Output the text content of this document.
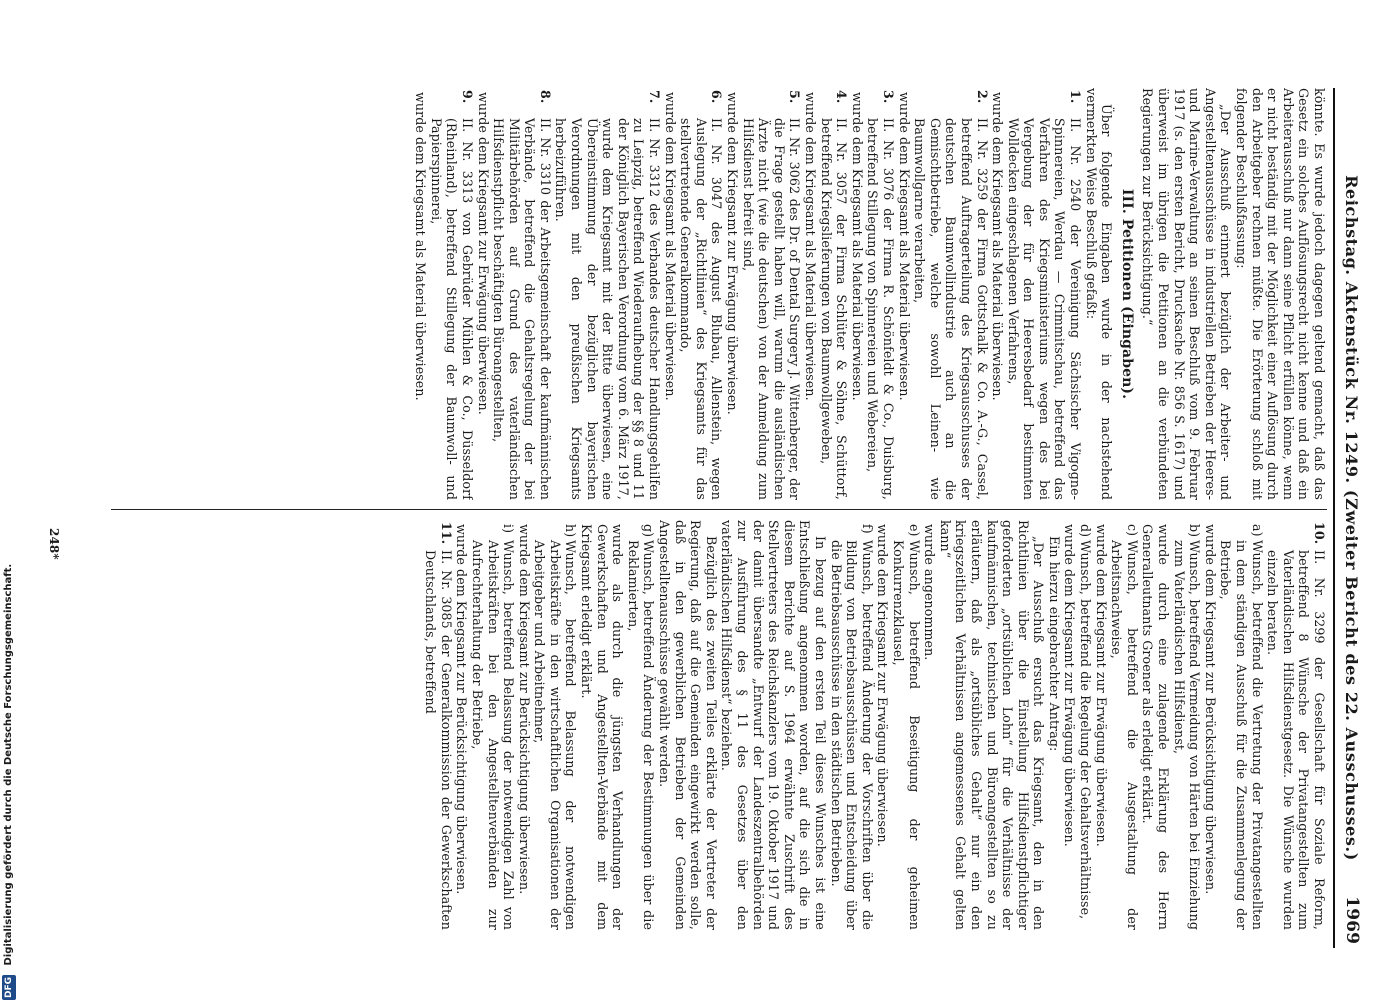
DFG Digitalisierung gefördert durch die Deutsche Forschungsgemeinschaft.	Reichstag. Aktenstück Nr. 1249. (Zweiter Bericht des 22. Ausschusses.)
1969

könnte. Es wurde jedoch dagegen geltend gemacht, daß das Gesetz ein solches Auflösungsrecht nicht kenne und daß ein Arbeiterausschuß nur dann seine Pflicht erfüllen könne, wenn er nicht beständig mit der Möglichkeit einer Auflösung durch den Arbeitgeber rechnen müßte. Die Erörterung schloß mit folgender Beschlußfassung:

„Der Ausschuß erinnert bezüglich der Arbeiter- und Angestelltenausschüsse in industriellen Betrieben der Heeres- und Marine-Verwaltung an seinen Beschluß vom 9. Februar 1917 (s. den ersten Bericht, Drucksache Nr. 856 S. 1617) und überweist im übrigen die Petitionen an die verbündeten Regierungen zur Berücksichtigung.“

III. Petitionen (Eingaben).

Über folgende Eingaben wurde in der nachstehend vermerkten Weise Beschluß gefaßt:

1.
II. Nr. 2540 der Vereinigung Sächsischer Vigogne-Spinnereien, Werdau — Crimmitschau, betreffend das Verfahren des Kriegsministeriums wegen des bei Vergebung der für den Heeresbedarf bestimmten Wolldecken eingeschlagenen Verfahrens,

wurde dem Kriegsamt als Material überwiesen.

2.
II. Nr. 3259 der Firma Gottschalk & Co. A.-G., Cassel, betreffend Auftragerteilung des Kriegsausschusses der deutschen Baumwollindustrie auch an die Gemischtbetriebe, welche sowohl Leinen- wie Baumwollgarne verarbeiten,

wurde dem Kriegsamt als Material überwiesen.

3.
II. Nr. 3076 der Firma R. Schönfeldt & Co., Duisburg, betreffend Stillegung von Spinnereien und Webereien,

wurde dem Kriegsamt als Material überwiesen.

4.
II. Nr. 3057 der Firma Schlüter & Söhne, Schüttorf, betreffend Kriegslieferungen von Baumwollgeweben,

wurde dem Kriegsamt als Material überwiesen.

5.
II. Nr. 3062 des Dr. of Dental Surgery J. Wittenberger, der die Frage gestellt haben will, warum die ausländischen Ärzte nicht (wie die deutschen) von der Anmeldung zum Hilfsdienst befreit sind,

wurde dem Kriegsamt zur Erwägung überwiesen.

6.
II. Nr. 3047 des August Blubau, Allenstein, wegen Auslegung der „Richtlinien“ des Kriegsamts für das stellvertretende Generalkommando,

wurde dem Kriegsamt als Material überwiesen.

7.
II. Nr. 3312 des Verbandes deutscher Handlungsgehilfen zu Leipzig, betreffend Wiederaufhebung der §§ 8 und 11 der Königlich Bayerischen Verordnung vom 6. März 1917, wurde dem Kriegsamt mit der Bitte überwiesen, eine Übereinstimmung der bezüglichen bayerischen Verordnungen mit den preußischen Kriegsamts herbeizuführen.
8.
II. Nr. 3310 der Arbeitsgemeinschaft der kaufmännischen Verbände, betreffend die Gehaltsregelung der bei Militärbehörden auf Grund des vaterländischen Hilfsdienstpflicht beschäftigten Büroangestellten,

wurde dem Kriegsamt zur Erwägung überwiesen.

9.
II. Nr. 3313 von Gebrüder Mühlen & Co., Düsseldorf (Rheinland), betreffend Stillegung der Baumwoll- und Papierspinnerei,

wurde dem Kriegsamt als Material überwiesen.

10.
II. Nr. 3299 der Gesellschaft für Soziale Reform, betreffend 8 Wünsche der Privatangestellten zum Vaterländischen Hilfsdienstgesetz. Die Wünsche wurden einzeln beraten.
a)
Wunsch, betreffend die Vertretung der Privatangestellten in dem ständigen Ausschuß für die Zusammenlegung der Betriebe,

wurde dem Kriegsamt zur Berücksichtigung überwiesen.

b)
Wunsch, betreffend Vermeidung von Härten bei Einziehung zum Vaterländischen Hilfsdienst,

wurde durch eine zulagende Erklärung des Herrn Generalleutnants Groener als erledigt erklärt.

c)
Wunsch, betreffend die Ausgestaltung der Arbeitsnachweise,

wurde dem Kriegsamt zur Erwägung überwiesen.

d)
Wunsch, betreffend die Regelung der Gehaltsverhältnisse,

wurde dem Kriegsamt zur Erwägung überwiesen.

Ein hierzu eingebrachter Antrag:

„Der Ausschuß ersucht das Kriegsamt, den in den Richtlinien über die Einstellung Hilfsdienstpflichtiger geforderten „ortsüblichen Lohn“ für die Verhältnisse der kaufmännischen, technischen und Büroangestellten so zu erläutern, daß als „ortsübliches Gehalt“ nur ein den kriegszeitlichen Verhältnissen angemessenes Gehalt gelten kann“

wurde angenommen.

e)
Wunsch, betreffend Beseitigung der geheimen Konkurrenzklausel,

wurde dem Kriegsamt zur Erwägung überwiesen.

f)
Wunsch, betreffend Änderung der Vorschriften über die Bildung von Betriebsausschüssen und Entscheidung über die Betriebsausschüsse in den städtischen Betrieben.

In bezug auf den ersten Teil dieses Wunsches ist eine Entschließung angenommen worden, auf die sich die in diesem Berichte auf S. 1964 erwähnte Zuschrift des Stellvertreters des Reichskanzlers vom 19. Oktober 1917 und der damit übersandte „Entwurf der Landeszentralbehörden zur Ausführung des § 11 des Gesetzes über den vaterländischen Hilfsdienst“ beziehen.

Bezüglich des zweiten Teiles erklärte der Vertreter der Regierung, daß auf die Gemeinden eingewirkt werden solle, daß in den gewerblichen Betrieben der Gemeinden Angestelltenausschüsse gewählt werden.

g)
Wunsch, betreffend Änderung der Bestimmungen über die Reklamierten,

wurde als durch die jüngsten Verhandlungen der Gewerkschaften und Angestellten-Verbände mit dem Kriegsamt erledigt erklärt.

h)
Wunsch, betreffend Belassung der notwendigen Arbeitskräfte in den wirtschaftlichen Organisationen der Arbeitgeber und Arbeitnehmer,

wurde dem Kriegsamt zur Berücksichtigung überwiesen.

i)
Wunsch, betreffend Belassung der notwendigen Zahl von Arbeitskräften bei den Angestelltenverbänden zur Aufrechterhaltung der Betriebe,

wurde dem Kriegsamt zur Berücksichtigung überwiesen.

11.
II. Nr. 3085 der Generalkommission der Gewerkschaften Deutschlands, betreffend
248*
